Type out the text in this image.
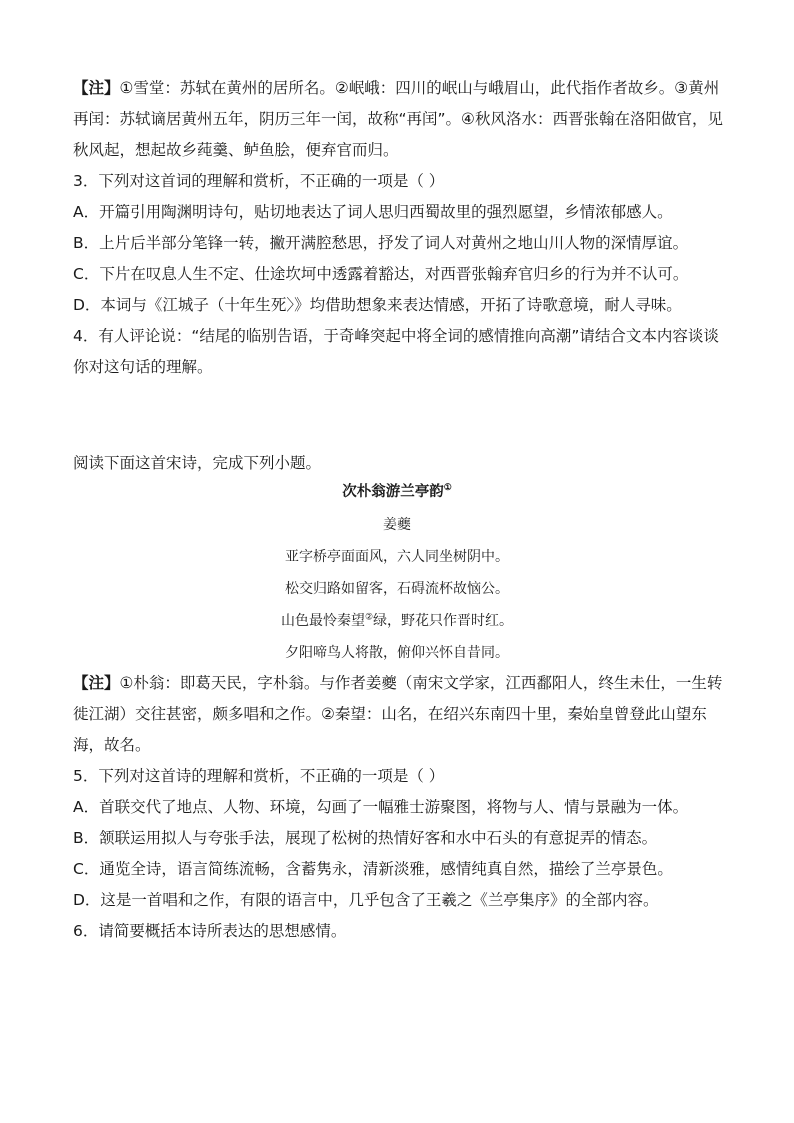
【注】①雪堂：苏轼在黄州的居所名。②岷峨：四川的岷山与峨眉山，此代指作者故乡。③黄州再闰：苏轼谪居黄州五年，阴历三年一闰，故称“再闰”。④秋风洛水：西晋张翰在洛阳做官，见秋风起，想起故乡莼羹、鲈鱼脍，便弃官而归。

3．下列对这首词的理解和赏析，不正确的一项是（ ）

A．开篇引用陶渊明诗句，贴切地表达了词人思归西蜀故里的强烈愿望，乡情浓郁感人。

B．上片后半部分笔锋一转，撇开满腔愁思，抒发了词人对黄州之地山川人物的深情厚谊。

C．下片在叹息人生不定、仕途坎坷中透露着豁达，对西晋张翰弃官归乡的行为并不认可。

D．本词与《江城子（十年生死〉》均借助想象来表达情感，开拓了诗歌意境，耐人寻味。

4．有人评论说：“结尾的临别告语，于奇峰突起中将全词的感情推向高潮”请结合文本内容谈谈你对这句话的理解。

阅读下面这首宋诗，完成下列小题。

次朴翁游兰亭韵①
姜夔
亚字桥亭面面风，六人同坐树阴中。
松交归路如留客，石碍流杯故恼公。
山色最怜秦望②绿，野花只作晋时红。
夕阳啼鸟人将散，俯仰兴怀自昔同。

【注】①朴翁：即葛天民，字朴翁。与作者姜夔（南宋文学家，江西鄱阳人，终生未仕，一生转徙江湖）交往甚密，颇多唱和之作。②秦望：山名，在绍兴东南四十里，秦始皇曾登此山望东海，故名。

5．下列对这首诗的理解和赏析，不正确的一项是（ ）

A．首联交代了地点、人物、环境，勾画了一幅雅士游聚图，将物与人、情与景融为一体。

B．颔联运用拟人与夸张手法，展现了松树的热情好客和水中石头的有意捉弄的情态。

C．通览全诗，语言简练流畅，含蓄隽永，清新淡雅，感情纯真自然，描绘了兰亭景色。

D．这是一首唱和之作，有限的语言中，几乎包含了王羲之《兰亭集序》的全部内容。

6．请简要概括本诗所表达的思想感情。
